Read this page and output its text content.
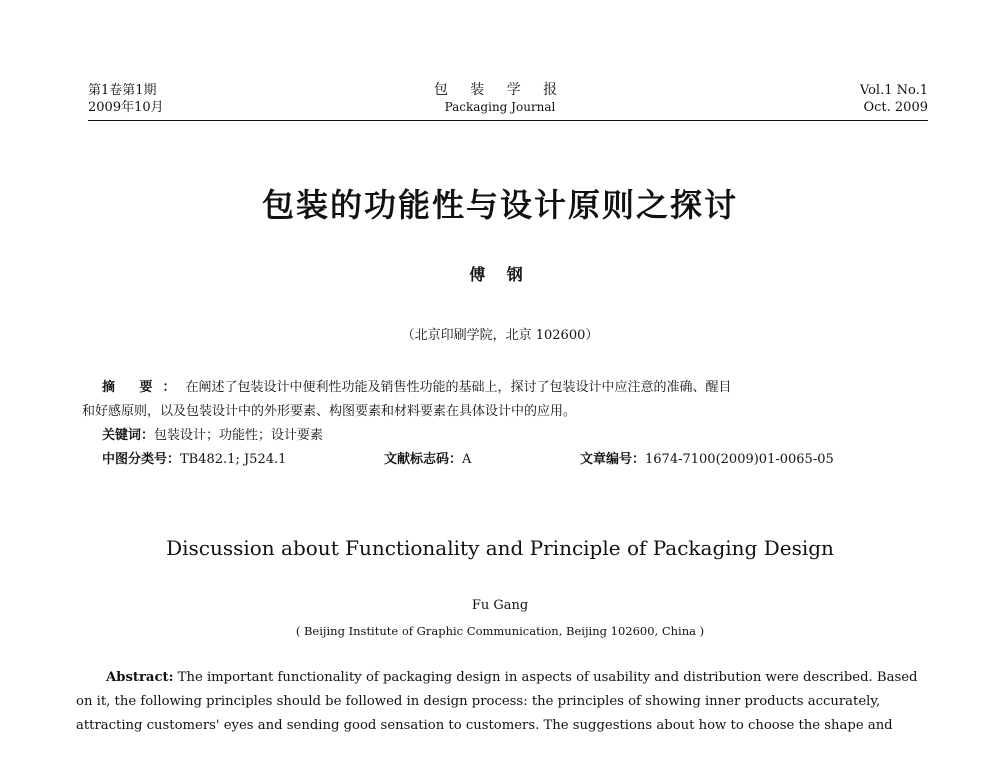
第1卷第1期
2009年10月
包 装 学 报
Packaging Journal
Vol.1 No.1
Oct. 2009
包装的功能性与设计原则之探讨
傅 钢
（北京印刷学院，北京 102600）

摘 要：在阐述了包装设计中便利性功能及销售性功能的基础上，探讨了包装设计中应注意的准确、醒目

和好感原则，以及包装设计中的外形要素、构图要素和材料要素在具体设计中的应用。

关键词：包装设计；功能性；设计要素

中图分类号：TB482.1; J524.1	文献标志码：A	文章编号：1674-7100(2009)01-0065-05
Discussion about Functionality and Principle of Packaging Design
Fu Gang
( Beijing Institute of Graphic Communication, Beijing 102600, China )

Abstract: The important functionality of packaging design in aspects of usability and distribution were described. Based
on it, the following principles should be followed in design process: the principles of showing inner products accurately,
attracting customers' eyes and sending good sensation to customers. The suggestions about how to choose the shape and
